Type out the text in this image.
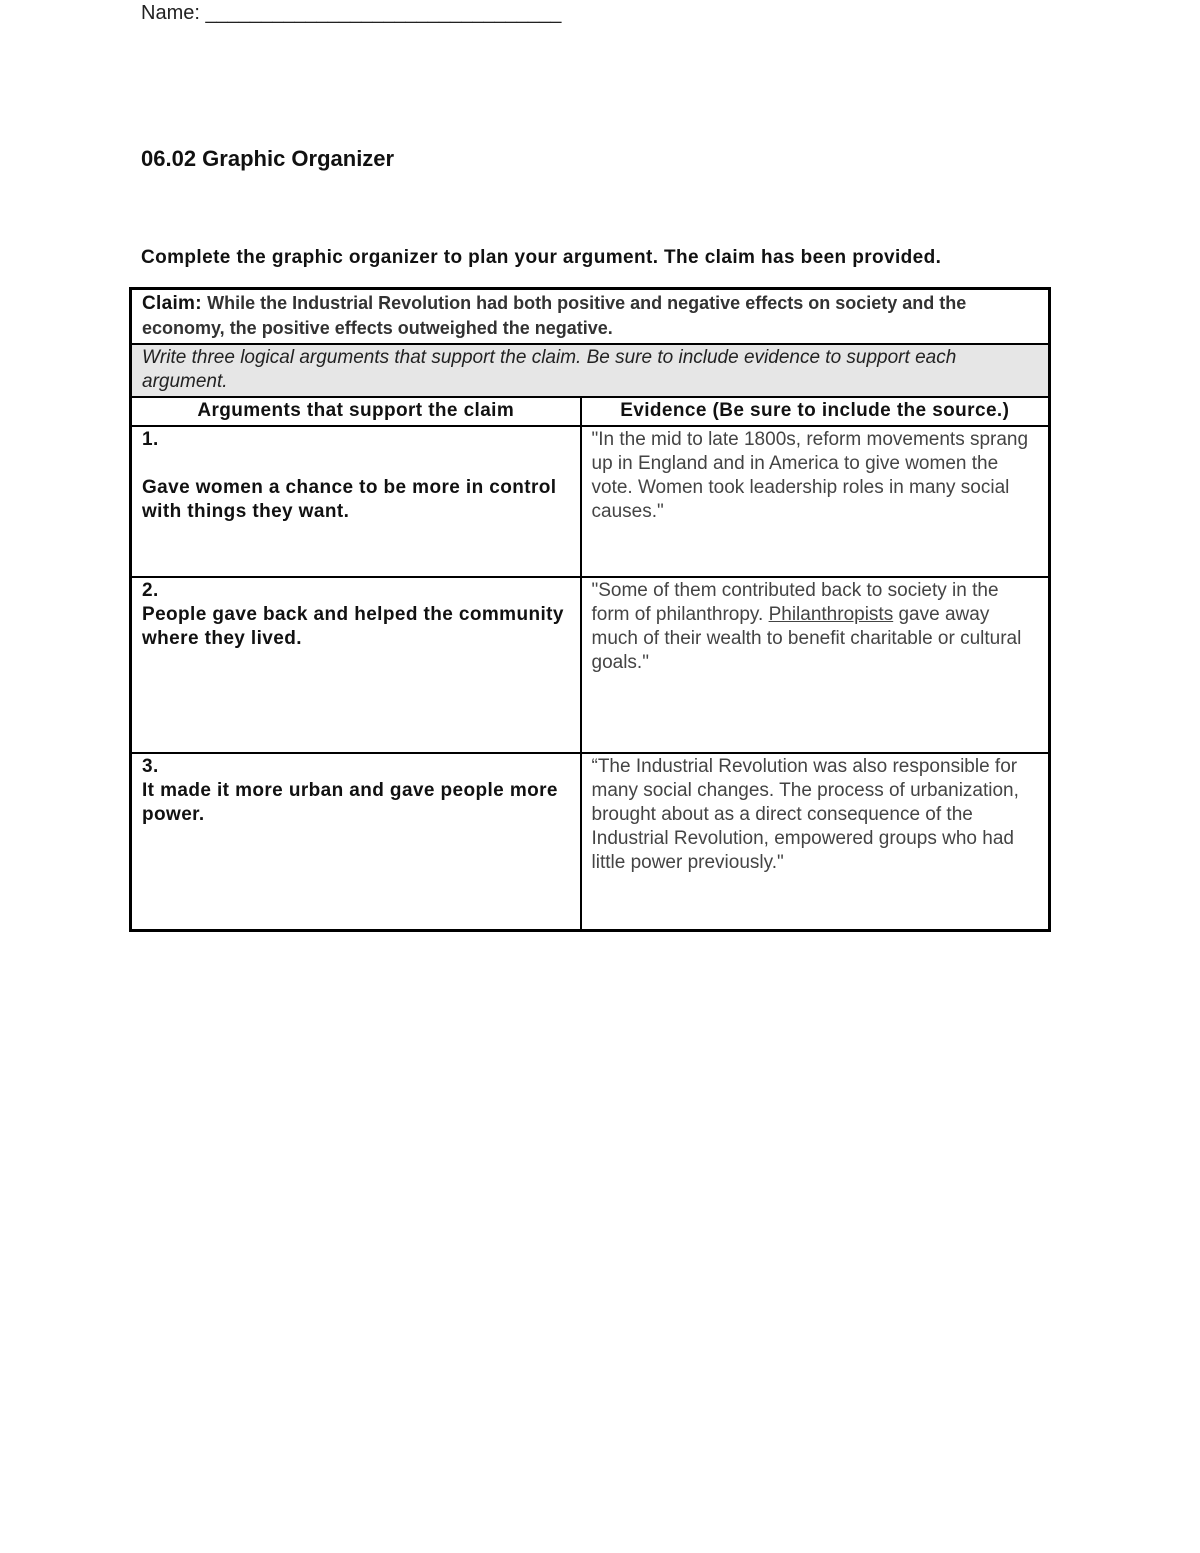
Name: ________________________________
06.02 Graphic Organizer

Complete the graphic organizer to plan your argument. The claim has been provided.

Claim: While the Industrial Revolution had both positive and negative effects on society and the economy, the positive effects outweighed the negative.	
Write three logical arguments that support the claim. Be sure to include evidence to support each argument.	
Arguments that support the claim	Evidence (Be sure to include the source.)

1.
Gave women a chance to be more in control with things they want.	"In the mid to late 1800s, reform movements sprang up in England and in America to give women the vote. Women took leadership roles in many social causes."

2.
People gave back and helped the community where they lived.	"Some of them contributed back to society in the form of philanthropy. Philanthropists gave away much of their wealth to benefit charitable or cultural goals."

3.
It made it more urban and gave people more power.	“The Industrial Revolution was also responsible for many social changes. The process of urbanization, brought about as a direct consequence of the Industrial Revolution, empowered groups who had little power previously."
